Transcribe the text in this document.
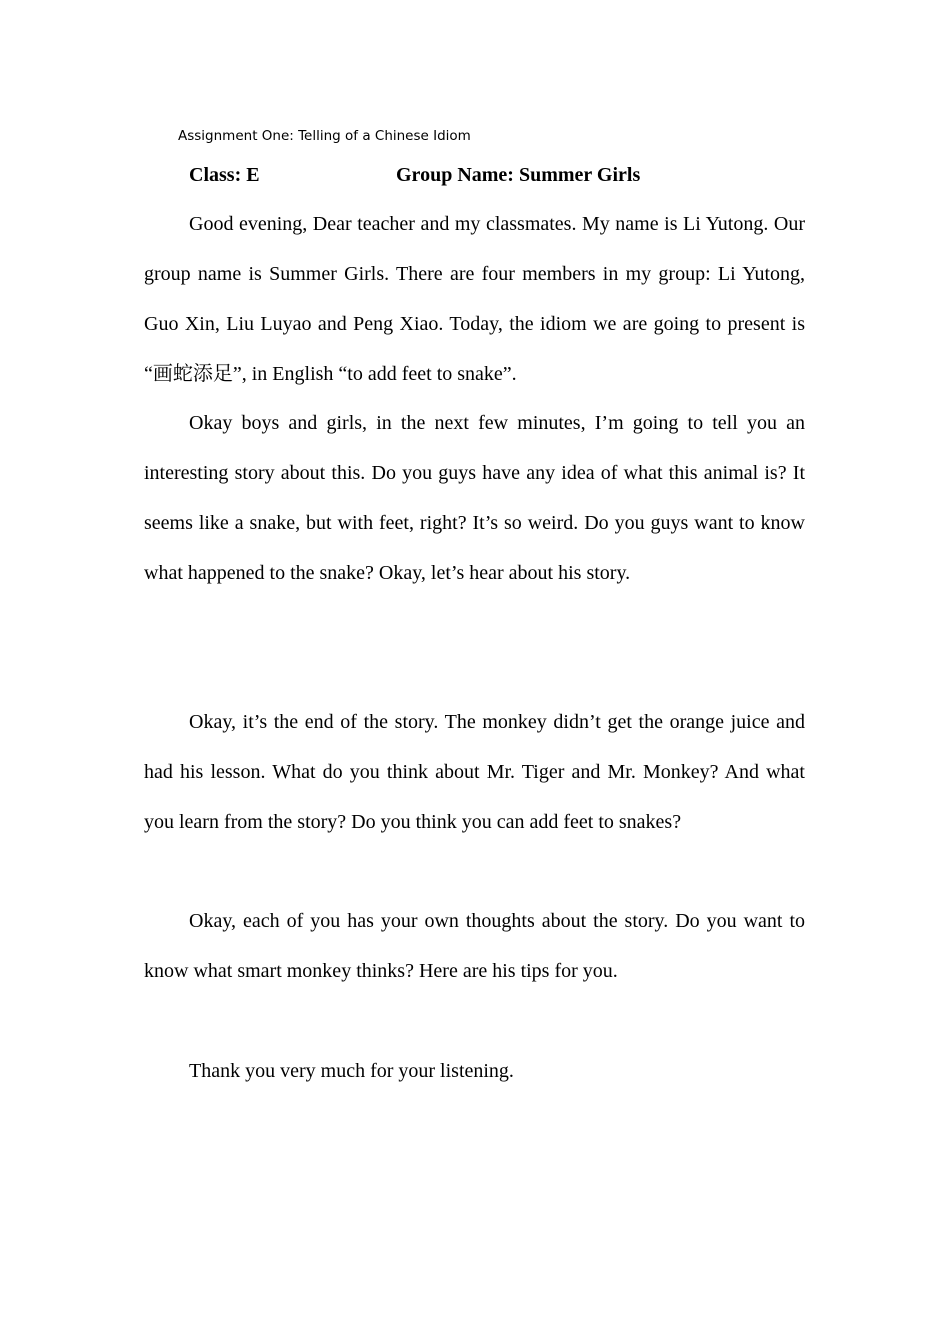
Assignment One: Telling of a Chinese Idiom
Class: E	Group Name: Summer Girls

Good evening, Dear teacher and my classmates. My name is Li Yutong. Our group name is Summer Girls. There are four members in my group: Li Yutong, Guo Xin, Liu Luyao and Peng Xiao. Today, the idiom we are going to present is “画蛇添足”, in English “to add feet to snake”.

Okay boys and girls, in the next few minutes, I’m going to tell you an interesting story about this. Do you guys have any idea of what this animal is? It seems like a snake, but with feet, right? It’s so weird. Do you guys want to know what happened to the snake? Okay, let’s hear about his story.

Okay, it’s the end of the story. The monkey didn’t get the orange juice and had his lesson. What do you think about Mr. Tiger and Mr. Monkey? And what you learn from the story? Do you think you can add feet to snakes?

Okay, each of you has your own thoughts about the story. Do you want to know what smart monkey thinks? Here are his tips for you.

Thank you very much for your listening.
